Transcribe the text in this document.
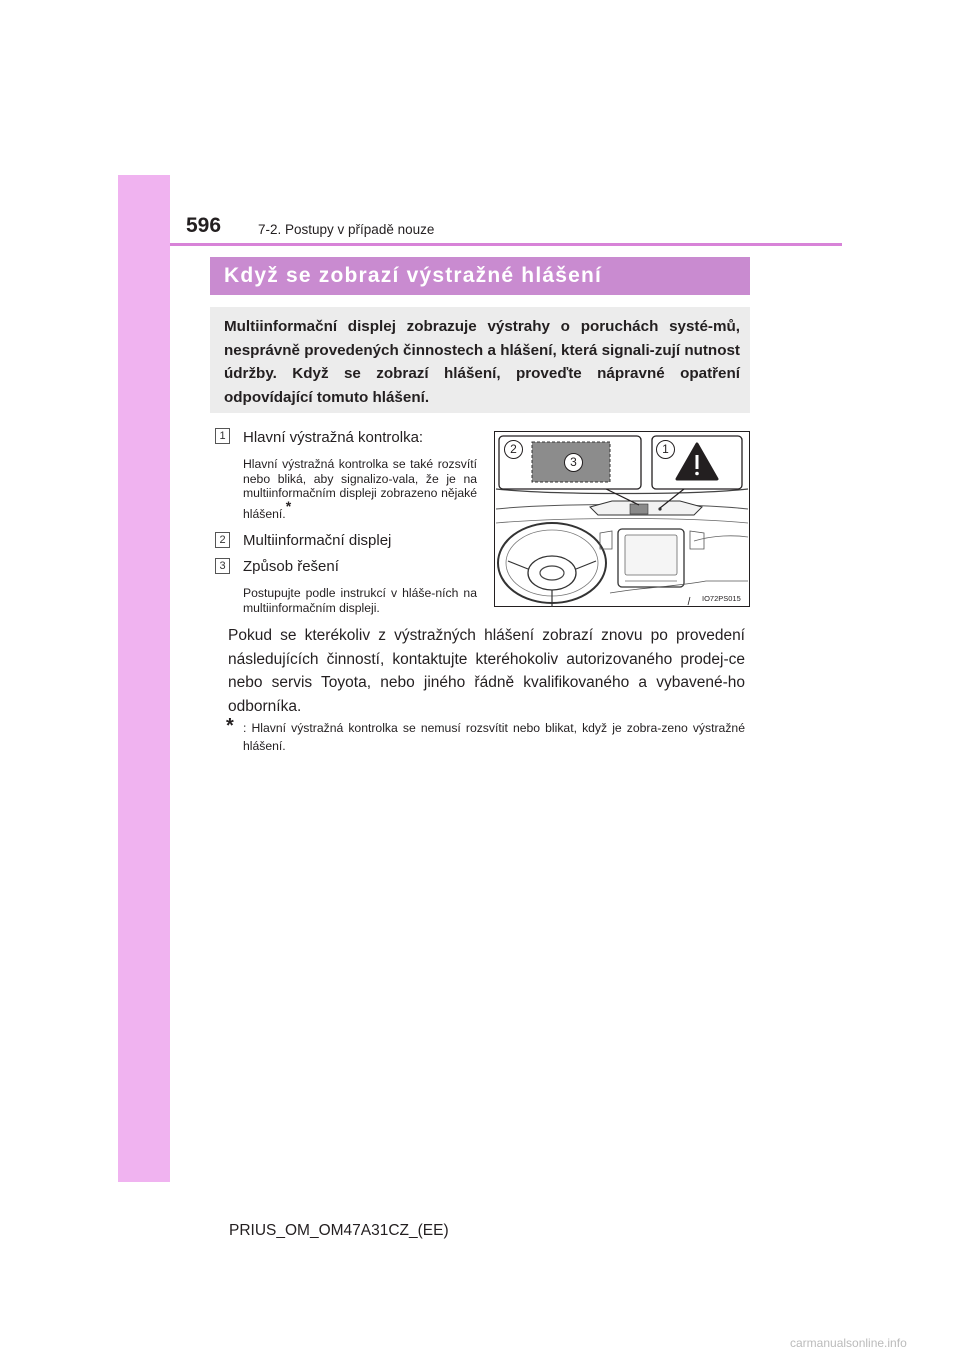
596	7-2. Postupy v případě nouze
Když se zobrazí výstražné hlášení
Multiinformační displej zobrazuje výstrahy o poruchách systé-mů, nesprávně provedených činnostech a hlášení, která signali-zují nutnost údržby. Když se zobrazí hlášení, proveďte nápravné opatření odpovídající tomuto hlášení.
1 Hlavní výstražná kontrolka:
Hlavní výstražná kontrolka se také rozsvítí nebo bliká, aby signalizo-vala, že je na multiinformačním displeji zobrazeno nějaké hlášení.*
2 Multiinformační displej
3 Způsob řešení
Postupujte podle instrukcí v hláše-ních na multiinformačním displeji.
2
3
1
IO72PS015
Pokud se kterékoliv z výstražných hlášení zobrazí znovu po provedení následujících činností, kontaktujte kteréhokoliv autorizovaného prodej-ce nebo servis Toyota, nebo jiného řádně kvalifikovaného a vybavené-ho odborníka.
* : Hlavní výstražná kontrolka se nemusí rozsvítit nebo blikat, když je zobra-zeno výstražné hlášení.
PRIUS_OM_OM47A31CZ_(EE)
carmanualsonline.info
